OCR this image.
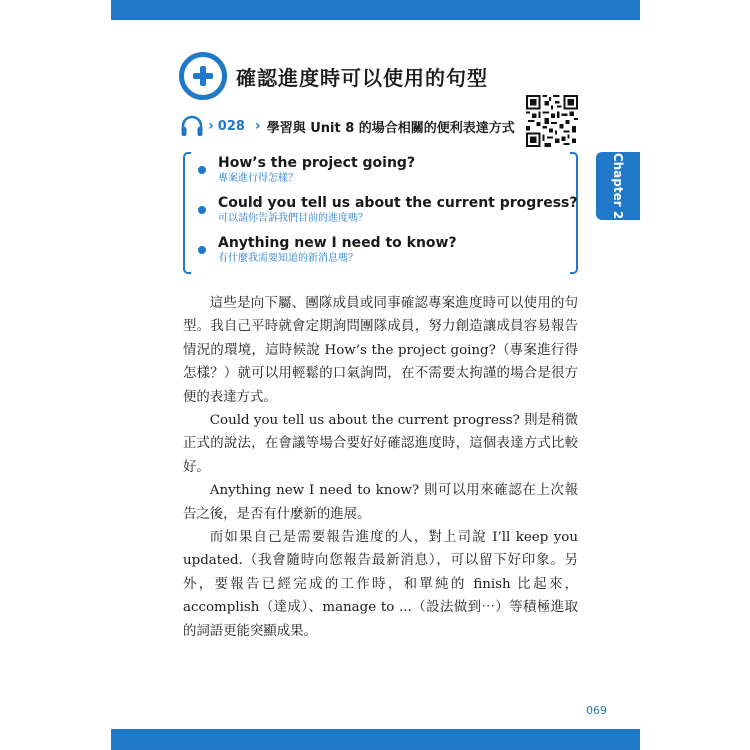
Chapter 2
確認進度時可以使用的句型
› 028 › 學習與 Unit 8 的場合相關的便利表達方式
How’s the project going?
專案進行得怎樣？
Could you tell us about the current progress?
可以請你告訴我們目前的進度嗎？
Anything new I need to know?
有什麼我需要知道的新消息嗎？

這些是向下屬、團隊成員或同事確認專案進度時可以使用的句型。我自己平時就會定期詢問團隊成員，努力創造讓成員容易報告情況的環境，這時候說 How’s the project going?（專案進行得怎樣？）就可以用輕鬆的口氣詢問，在不需要太拘謹的場合是很方便的表達方式。

Could you tell us about the current progress? 則是稍微正式的說法，在會議等場合要好好確認進度時，這個表達方式比較好。

Anything new I need to know? 則可以用來確認在上次報告之後，是否有什麼新的進展。

而如果自己是需要報告進度的人，對上司說 I’ll keep you updated.（我會隨時向您報告最新消息），可以留下好印象。另外，要報告已經完成的工作時，和單純的 finish 比起來，accomplish（達成）、manage to ...（設法做到⋯）等積極進取的詞語更能突顯成果。

069
